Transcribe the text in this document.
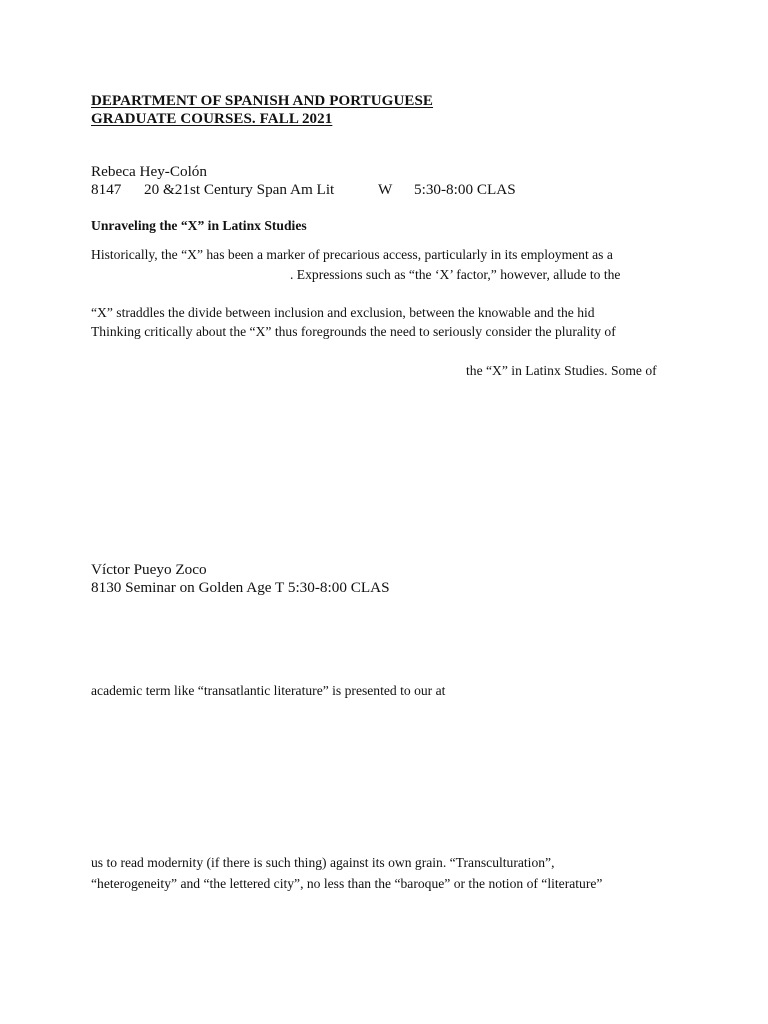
DEPARTMENT OF SPANISH AND PORTUGUESE
GRADUATE COURSES. FALL 2021
Rebeca Hey-Colón
8147 20 &21st Century Span Am Lit	W 5:30-8:00 CLAS
Unraveling the “X” in Latinx Studies
Historically, the “X” has been a marker of precarious access, particularly in its employment as a
. Expressions such as “the ‘X’ factor,” however, allude to the
“X” straddles the divide between inclusion and exclusion, between the knowable and the hid
Thinking critically about the “X” thus foregrounds the need to seriously consider the plurality of
the “X” in Latinx Studies. Some of
Víctor Pueyo Zoco
8130 Seminar on Golden Age T 5:30-8:00 CLAS
academic term like “transatlantic literature” is presented to our at
us to read modernity (if there is such thing) against its own grain. “Transculturation”,
“heterogeneity” and “the lettered city”, no less than the “baroque” or the notion of “literature”
